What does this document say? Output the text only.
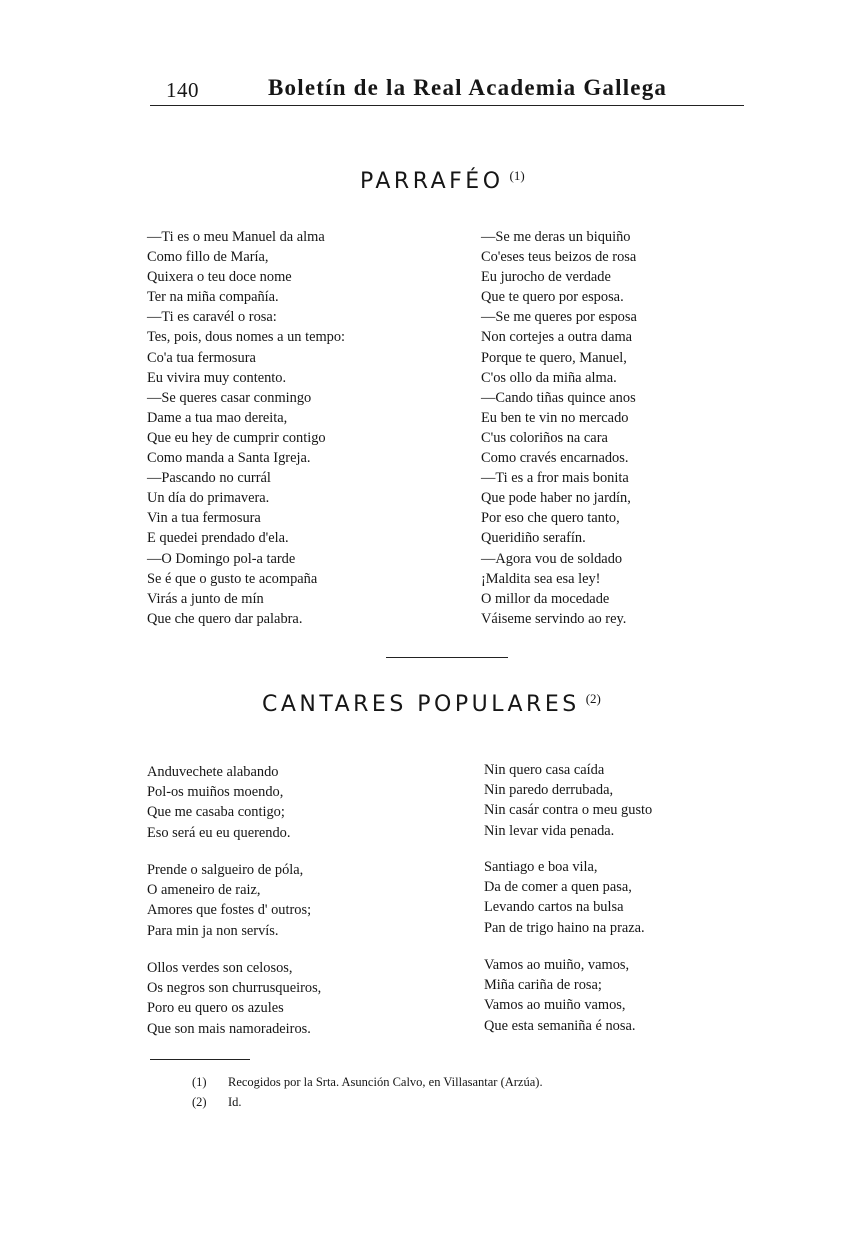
140	Boletín de la Real Academia Gallega
PARRAFÉO $^{(1)}$
—Ti es o meu Manuel da alma
Como fillo de María,
Quixera o teu doce nome
Ter na miña compañía.
—Ti es caravél o rosa:
Tes, pois, dous nomes a un tempo:
Co'a tua fermosura
Eu vivira muy contento.
—Se queres casar conmingo
Dame a tua mao dereita,
Que eu hey de cumprir contigo
Como manda a Santa Igreja.
—Pascando no currál
Un día do primavera.
Vin a tua fermosura
E quedei prendado d'ela.
—O Domingo pol-a tarde
Se é que o gusto te acompaña
Virás a junto de mín
Que che quero dar palabra.
—Se me deras un biquiño
Co'eses teus beizos de rosa
Eu jurocho de verdade
Que te quero por esposa.
—Se me queres por esposa
Non cortejes a outra dama
Porque te quero, Manuel,
C'os ollo da miña alma.
—Cando tiñas quince anos
Eu ben te vin no mercado
C'us coloriños na cara
Como cravés encarnados.
—Ti es a fror mais bonita
Que pode haber no jardín,
Por eso che quero tanto,
Queridiño serafín.
—Agora vou de soldado
¡Maldita sea esa ley!
O millor da mocedade
Váiseme servindo ao rey.
CANTARES POPULARES $^{(2)}$
Anduvechete alabando
Pol-os muiños moendo,
Que me casaba contigo;
Eso será eu eu querendo.
Prende o salgueiro de póla,
O ameneiro de raiz,
Amores que fostes d' outros;
Para min ja non servís.
Ollos verdes son celosos,
Os negros son churrusqueiros,
Poro eu quero os azules
Que son mais namoradeiros.
Nin quero casa caída
Nin paredo derrubada,
Nin casár contra o meu gusto
Nin levar vida penada.
Santiago e boa vila,
Da de comer a quen pasa,
Levando cartos na bulsa
Pan de trigo haino na praza.
Vamos ao muiño, vamos,
Miña cariña de rosa;
Vamos ao muiño vamos,
Que esta semaniña é nosa.
(1) Recogidos por la Srta. Asunción Calvo, en Villasantar (Arzúa).
(2) Id.
